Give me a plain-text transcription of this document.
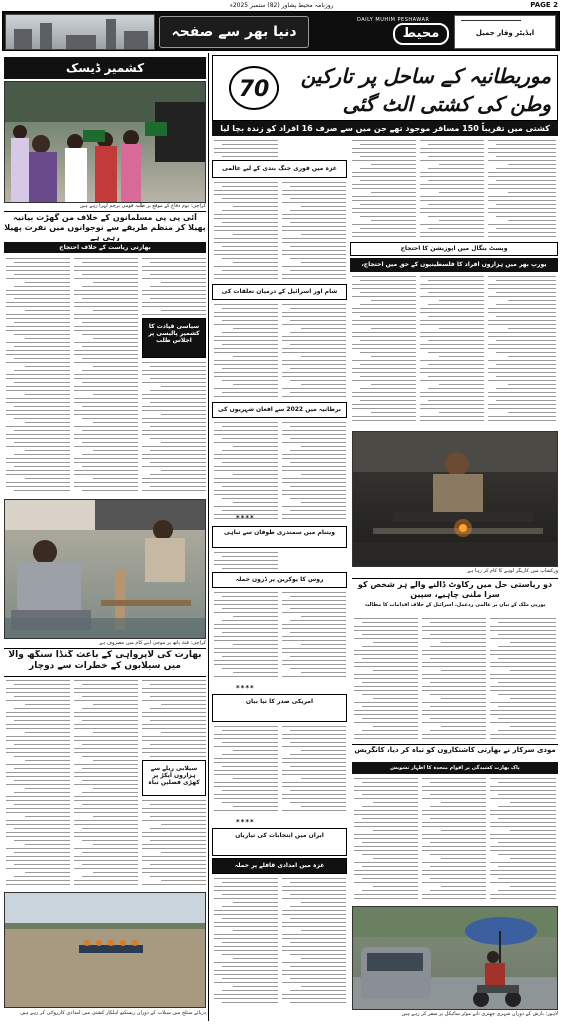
روزنامہ محیط پشاور (82) ستمبر 2025ء	PAGE 2
دنیا بھر سے صفحہ
DAILY MUHIM PESHAWAR
محیط	ایڈیٹر وقار جمیل
کشمیر ڈیسک
کراچی: یوم دفاع کے موقع پر طلبہ قومی پرچم لہرا رہے ہیں
آئی پی پی مسلمانوں کے خلاف من گھڑت بیانیہ پھیلا کر منظم طریقے سے نوجوانوں میں نفرت پھیلا رہی ہے
بھارتی ریاست کے خلاف احتجاج
سیاسی قیادت کا کشمیر پالیسی پر اجلاس طلب
کراچی: فٹ پاتھ پر موچی اپنے کام میں مصروف ہے
بھارت کی لاپرواہی کے باعث گنڈا سنگھ والا میں سیلابوں کے خطرات سے دوچار
سیلابی ریلے سے ہزاروں ایکڑ پر کھڑی فصلیں تباہ
دریائے ستلج میں سیلاب کے دوران ریسکیو اہلکار کشتی میں امدادی کارروائی کر رہے ہیں
موریطانیہ کے ساحل پر تارکین وطن کی کشتی الٹ گئی
70
کشتی میں تقریباً 150 مسافر موجود تھے جن میں سے صرف 16 افراد کو زندہ بچا لیا
غزہ میں فوری جنگ بندی کے لیے عالمی
ویسٹ بنگال میں اپوزیشن کا احتجاج
یورپ بھر میں ہزاروں افراد کا فلسطینیوں کے حق میں احتجاج،
شام اور اسرائیل کے درمیان تعلقات کی
برطانیہ میں 2022 سے افغان شہریوں کی
****
ورکشاپ میں کاریگر لوہے کا کام کر رہا ہے
ویتنام میں سمندری طوفان سے تباہی
روس کا یوکرین پر ڈرون حملہ
****
امریکی صدر کا نیا بیان
****
ایران میں انتخابات کی تیاریاں
غزہ میں امدادی قافلے پر حملہ
دو ریاستی حل میں رکاوٹ ڈالنے والے ہر شخص کو سزا ملنی چاہیے، سپین
یورپی ملک کے بیان پر عالمی ردعمل، اسرائیل کے خلاف اقدامات کا مطالبہ
مودی سرکار نے بھارتی کاشتکاروں کو تباہ کر دیا، کانگریس
پاک بھارت کشیدگی پر اقوام متحدہ کا اظہار تشویش
لاہور: بارش کے دوران شہری چھتری تانے موٹر سائیکل پر سفر کر رہے ہیں
